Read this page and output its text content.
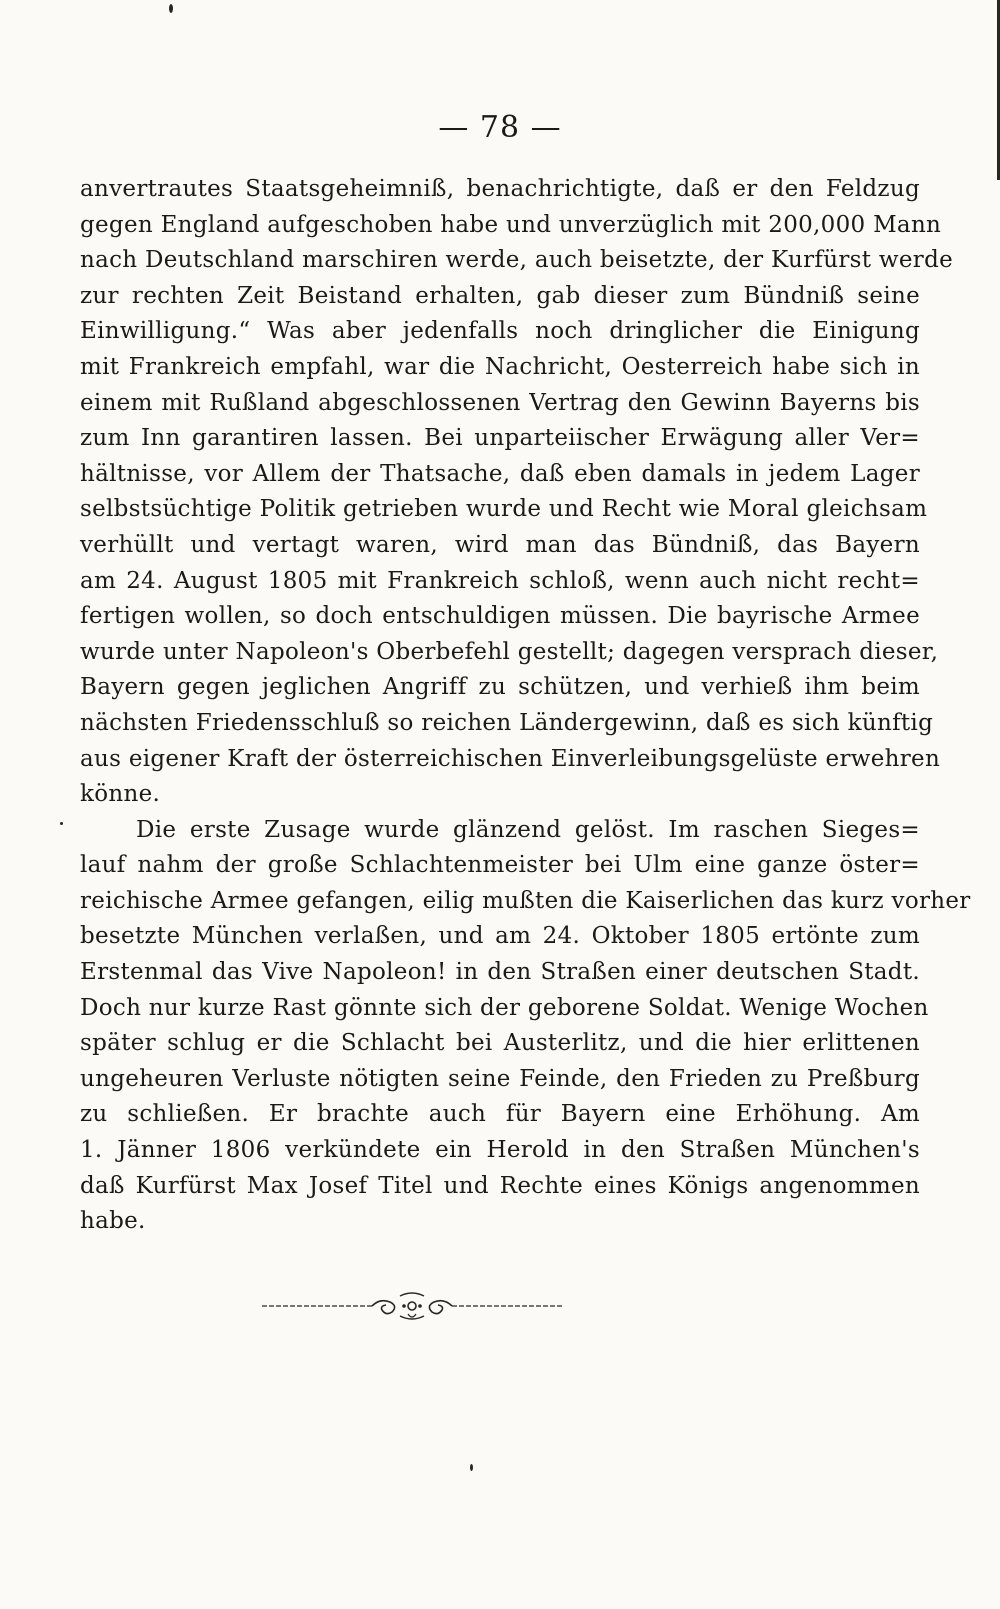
— 78 —
anvertrautes Staatsgeheimniß, benachrichtigte, daß er den Feldzug
gegen England aufgeschoben habe und unverzüglich mit 200,000 Mann
nach Deutschland marschiren werde, auch beisetzte, der Kurfürst werde
zur rechten Zeit Beistand erhalten, gab dieser zum Bündniß seine
Einwilligung.“ Was aber jedenfalls noch dringlicher die Einigung
mit Frankreich empfahl, war die Nachricht, Oesterreich habe sich in
einem mit Rußland abgeschlossenen Vertrag den Gewinn Bayerns bis
zum Inn garantiren lassen. Bei unparteiischer Erwägung aller Ver=
hältnisse, vor Allem der Thatsache, daß eben damals in jedem Lager
selbstsüchtige Politik getrieben wurde und Recht wie Moral gleichsam
verhüllt und vertagt waren, wird man das Bündniß, das Bayern
am 24. August 1805 mit Frankreich schloß, wenn auch nicht recht=
fertigen wollen, so doch entschuldigen müssen. Die bayrische Armee
wurde unter Napoleon's Oberbefehl gestellt; dagegen versprach dieser,
Bayern gegen jeglichen Angriff zu schützen, und verhieß ihm beim
nächsten Friedensschluß so reichen Ländergewinn, daß es sich künftig
aus eigener Kraft der österreichischen Einverleibungsgelüste erwehren
könne.
Die erste Zusage wurde glänzend gelöst. Im raschen Sieges=
lauf nahm der große Schlachtenmeister bei Ulm eine ganze öster=
reichische Armee gefangen, eilig mußten die Kaiserlichen das kurz vorher
besetzte München verlaßen, und am 24. Oktober 1805 ertönte zum
Erstenmal das Vive Napoleon! in den Straßen einer deutschen Stadt.
Doch nur kurze Rast gönnte sich der geborene Soldat. Wenige Wochen
später schlug er die Schlacht bei Austerlitz, und die hier erlittenen
ungeheuren Verluste nötigten seine Feinde, den Frieden zu Preßburg
zu schließen. Er brachte auch für Bayern eine Erhöhung. Am
1. Jänner 1806 verkündete ein Herold in den Straßen München's
daß Kurfürst Max Josef Titel und Rechte eines Königs angenommen
habe.
